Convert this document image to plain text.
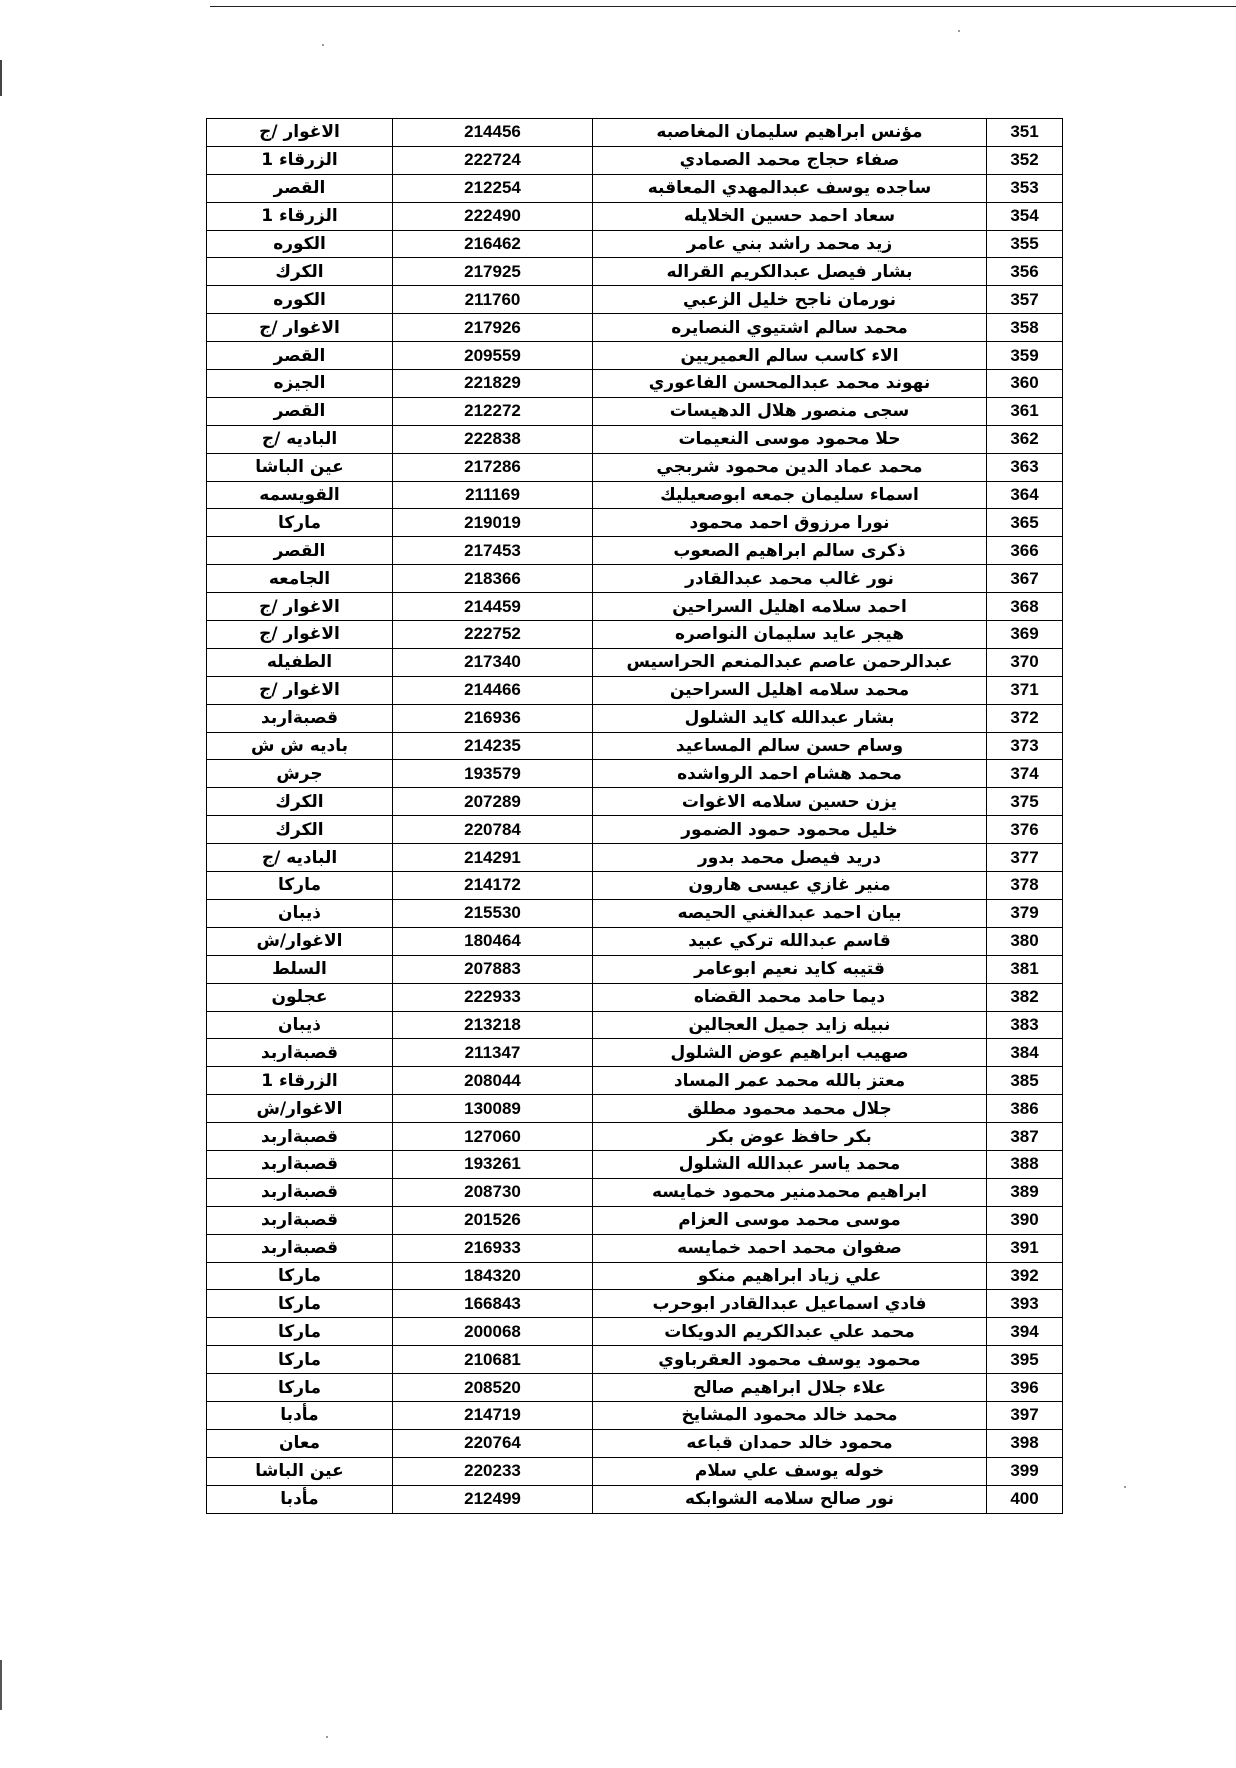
351	مؤنس ابراهيم سليمان المغاصبه	214456	الاغوار /ج
352	صفاء حجاج محمد الصمادي	222724	الزرقاء 1
353	ساجده يوسف عبدالمهدي المعاقبه	212254	القصر
354	سعاد احمد حسين الخلايله	222490	الزرقاء 1
355	زيد محمد راشد بني عامر	216462	الكوره
356	بشار فيصل عبدالكريم القراله	217925	الكرك
357	نورمان ناجح خليل الزعبي	211760	الكوره
358	محمد سالم اشتيوي النصايره	217926	الاغوار /ج
359	الاء كاسب سالم العميريين	209559	القصر
360	نهوند محمد عبدالمحسن الفاعوري	221829	الجيزه
361	سجى منصور هلال الدهيسات	212272	القصر
362	حلا محمود موسى النعيمات	222838	الباديه /ج
363	محمد عماد الدين محمود شربجي	217286	عين الباشا
364	اسماء سليمان جمعه ابوصعيليك	211169	القويسمه
365	نورا مرزوق احمد محمود	219019	ماركا
366	ذكرى سالم ابراهيم الصعوب	217453	القصر
367	نور غالب محمد عبدالقادر	218366	الجامعه
368	احمد سلامه اهليل السراحين	214459	الاغوار /ج
369	هيجر عايد سليمان النواصره	222752	الاغوار /ج
370	عبدالرحمن عاصم عبدالمنعم الحراسيس	217340	الطفيله
371	محمد سلامه اهليل السراحين	214466	الاغوار /ج
372	بشار عبدالله كايد الشلول	216936	قصبةاربد
373	وسام حسن سالم المساعيد	214235	باديه ش ش
374	محمد هشام احمد الرواشده	193579	جرش
375	يزن حسين سلامه الاغوات	207289	الكرك
376	خليل محمود حمود الضمور	220784	الكرك
377	دريد فيصل محمد بدور	214291	الباديه /ج
378	منير غازي عيسى هارون	214172	ماركا
379	بيان احمد عبدالغني الحيصه	215530	ذيبان
380	قاسم عبدالله تركي عبيد	180464	الاغوار/ش
381	قتيبه كايد نعيم ابوعامر	207883	السلط
382	ديما حامد محمد القضاه	222933	عجلون
383	نبيله زايد جميل العجالين	213218	ذيبان
384	صهيب ابراهيم عوض الشلول	211347	قصبةاربد
385	معتز بالله محمد عمر المساد	208044	الزرقاء 1
386	جلال محمد محمود مطلق	130089	الاغوار/ش
387	بكر حافظ عوض بكر	127060	قصبةاربد
388	محمد ياسر عبدالله الشلول	193261	قصبةاربد
389	ابراهيم محمدمنير محمود خمايسه	208730	قصبةاربد
390	موسى محمد موسى العزام	201526	قصبةاربد
391	صفوان محمد احمد خمايسه	216933	قصبةاربد
392	علي زياد ابراهيم منكو	184320	ماركا
393	فادي اسماعيل عبدالقادر ابوحرب	166843	ماركا
394	محمد علي عبدالكريم الدويكات	200068	ماركا
395	محمود يوسف محمود العقرباوي	210681	ماركا
396	علاء جلال ابراهيم صالح	208520	ماركا
397	محمد خالد محمود المشايخ	214719	مأدبا
398	محمود خالد حمدان قباعه	220764	معان
399	خوله يوسف علي سلام	220233	عين الباشا
400	نور صالح سلامه الشوابكه	212499	مأدبا
